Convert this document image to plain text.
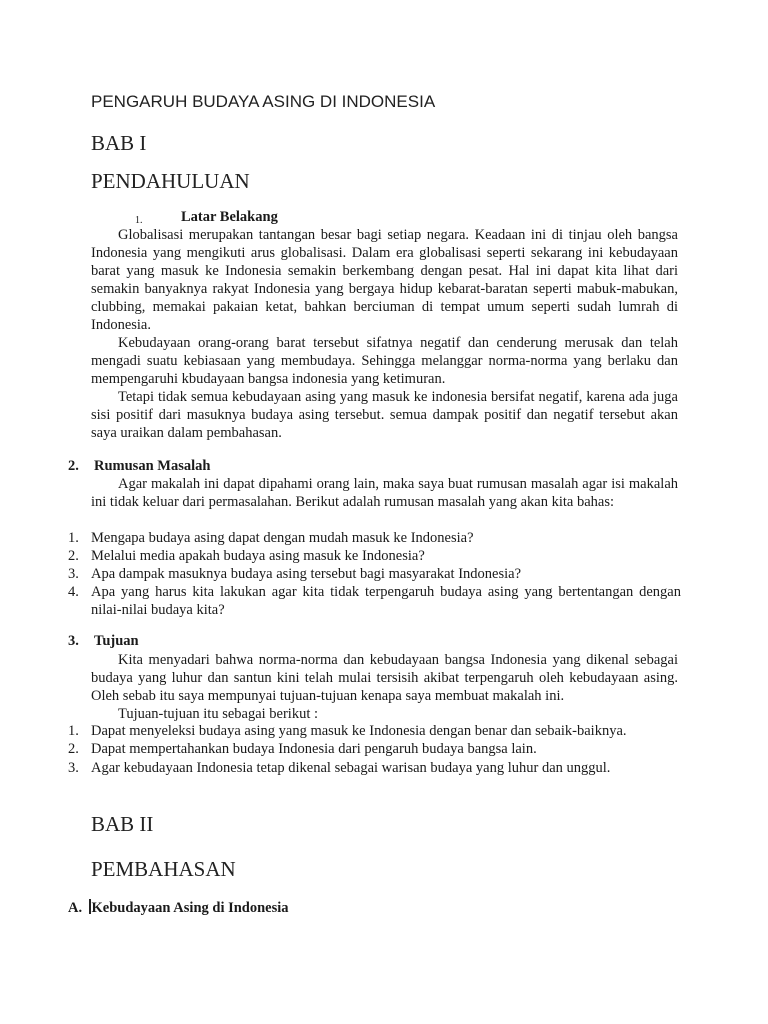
PENGARUH BUDAYA ASING DI INDONESIA
BAB I
PENDAHULUAN
1.	Latar Belakang

Globalisasi merupakan tantangan besar bagi setiap negara. Keadaan ini di tinjau oleh bangsa Indonesia yang mengikuti arus globalisasi. Dalam era globalisasi seperti sekarang ini kebudayaan barat yang masuk ke Indonesia semakin berkembang dengan pesat. Hal ini dapat kita lihat dari semakin banyaknya rakyat Indonesia yang bergaya hidup kebarat-baratan seperti mabuk-mabukan, clubbing, memakai pakaian ketat, bahkan berciuman di tempat umum seperti sudah lumrah di Indonesia.

Kebudayaan orang-orang barat tersebut sifatnya negatif dan cenderung merusak dan telah mengadi suatu kebiasaan yang membudaya. Sehingga melanggar norma-norma yang berlaku dan mempengaruhi kbudayaan bangsa indonesia yang ketimuran.

Tetapi tidak semua kebudayaan asing yang masuk ke indonesia bersifat negatif, karena ada juga sisi positif dari masuknya budaya asing tersebut. semua dampak positif dan negatif tersebut akan saya uraikan dalam pembahasan.

2. Rumusan Masalah

Agar makalah ini dapat dipahami orang lain, maka saya buat rumusan masalah agar isi makalah ini tidak keluar dari permasalahan. Berikut adalah rumusan masalah yang akan kita bahas:

1. Mengapa budaya asing dapat dengan mudah masuk ke Indonesia?
2. Melalui media apakah budaya asing masuk ke Indonesia?
3. Apa dampak masuknya budaya asing tersebut bagi masyarakat Indonesia?
4. Apa yang harus kita lakukan agar kita tidak terpengaruh budaya asing yang bertentangan dengan nilai-nilai budaya kita?
3. Tujuan

Kita menyadari bahwa norma-norma dan kebudayaan bangsa Indonesia yang dikenal sebagai budaya yang luhur dan santun kini telah mulai tersisih akibat terpengaruh oleh kebudayaan asing. Oleh sebab itu saya mempunyai tujuan-tujuan kenapa saya membuat makalah ini.

Tujuan-tujuan itu sebagai berikut :

1. Dapat menyeleksi budaya asing yang masuk ke Indonesia dengan benar dan sebaik-baiknya.
2. Dapat mempertahankan budaya Indonesia dari pengaruh budaya bangsa lain.
3. Agar kebudayaan Indonesia tetap dikenal sebagai warisan budaya yang luhur dan unggul.
BAB II
PEMBAHASAN
A. Kebudayaan Asing di Indonesia
